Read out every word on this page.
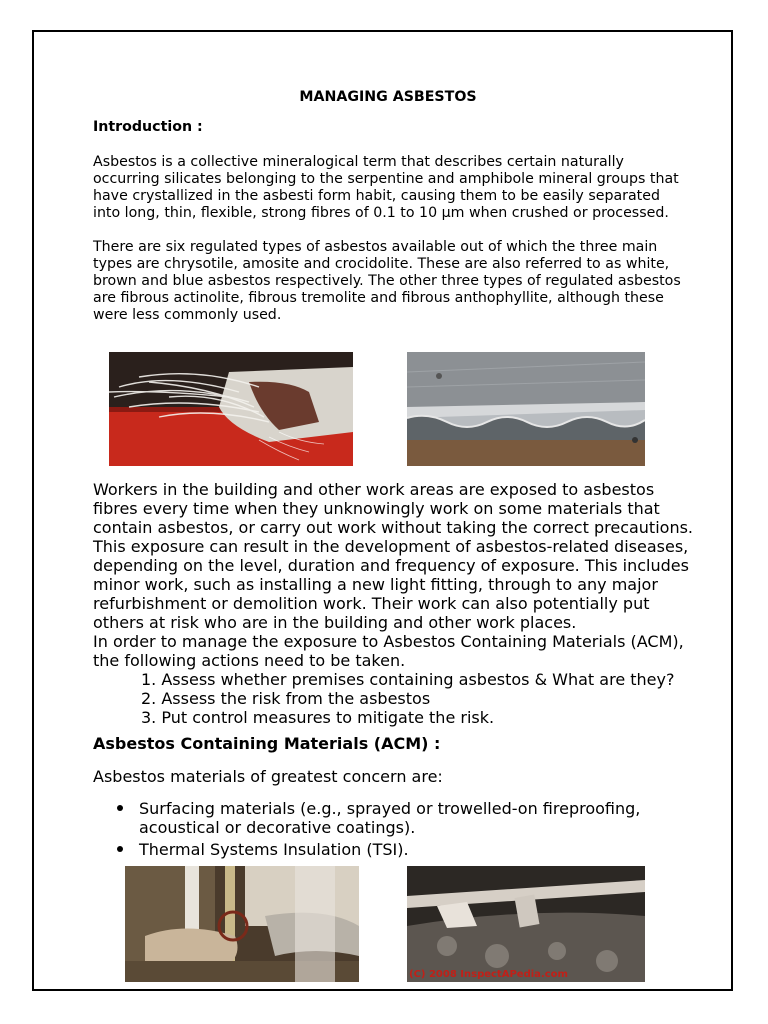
MANAGING ASBESTOS

Introduction :

Asbestos is a collective mineralogical term that describes certain naturally occurring silicates belonging to the serpentine and amphibole mineral groups that have crystallized in the asbesti form habit, causing them to be easily separated into long, thin, flexible, strong fibres of 0.1 to 10 µm when crushed or processed.

There are six regulated types of asbestos available out of which the three main types are chrysotile, amosite and crocidolite. These are also referred to as white, brown and blue asbestos respectively. The other three types of regulated asbestos are fibrous actinolite, fibrous tremolite and fibrous anthophyllite, although these were less commonly used.

Workers in the building and other work areas are exposed to asbestos fibres every time when they unknowingly work on some materials that contain asbestos, or carry out work without taking the correct precautions. This exposure can result in the development of asbestos-related diseases, depending on the level, duration and frequency of exposure. This includes minor work, such as installing a new light fitting, through to any major refurbishment or demolition work. Their work can also potentially put others at risk who are in the building and other work places.

In order to manage the exposure to Asbestos Containing Materials (ACM), the following actions need to be taken.

1. Assess whether premises containing asbestos & What are they?
2. Assess the risk from the asbestos
3. Put control measures to mitigate the risk.

Asbestos Containing Materials (ACM) :

Asbestos materials of greatest concern are:

Surfacing materials (e.g., sprayed or trowelled-on fireproofing, acoustical or decorative coatings).
Thermal Systems Insulation (TSI).
(C) 2008 InspectAPedia.com
